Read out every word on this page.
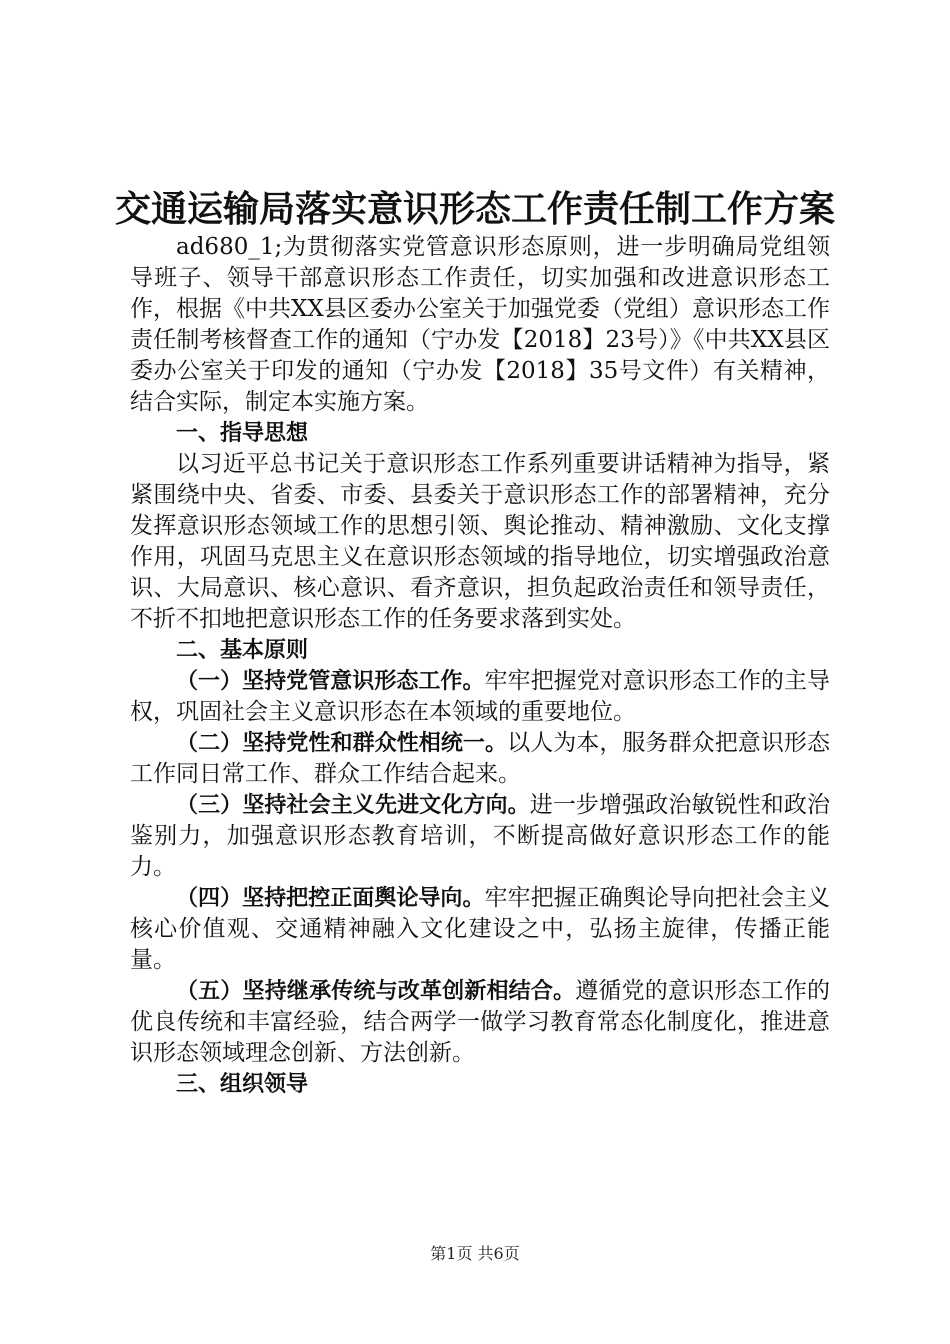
交通运输局落实意识形态工作责任制工作方案

ad680_1;为贯彻落实党管意识形态原则，进一步明确局党组领导班子、领导干部意识形态工作责任，切实加强和改进意识形态工作，根据《中共XX县区委办公室关于加强党委（党组）意识形态工作责任制考核督查工作的通知（宁办发【2018】23号）》《中共XX县区委办公室关于印发的通知（宁办发【2018】35号文件）有关精神，结合实际，制定本实施方案。

一、指导思想

以习近平总书记关于意识形态工作系列重要讲话精神为指导，紧紧围绕中央、省委、市委、县委关于意识形态工作的部署精神，充分发挥意识形态领域工作的思想引领、舆论推动、精神激励、文化支撑作用，巩固马克思主义在意识形态领域的指导地位，切实增强政治意识、大局意识、核心意识、看齐意识，担负起政治责任和领导责任，不折不扣地把意识形态工作的任务要求落到实处。

二、基本原则

（一）坚持党管意识形态工作。牢牢把握党对意识形态工作的主导权，巩固社会主义意识形态在本领域的重要地位。

（二）坚持党性和群众性相统一。以人为本，服务群众把意识形态工作同日常工作、群众工作结合起来。

（三）坚持社会主义先进文化方向。进一步增强政治敏锐性和政治鉴别力，加强意识形态教育培训，不断提高做好意识形态工作的能力。

（四）坚持把控正面舆论导向。牢牢把握正确舆论导向把社会主义核心价值观、交通精神融入文化建设之中，弘扬主旋律，传播正能量。

（五）坚持继承传统与改革创新相结合。遵循党的意识形态工作的优良传统和丰富经验，结合两学一做学习教育常态化制度化，推进意识形态领域理念创新、方法创新。

三、组织领导

第1页 共6页
